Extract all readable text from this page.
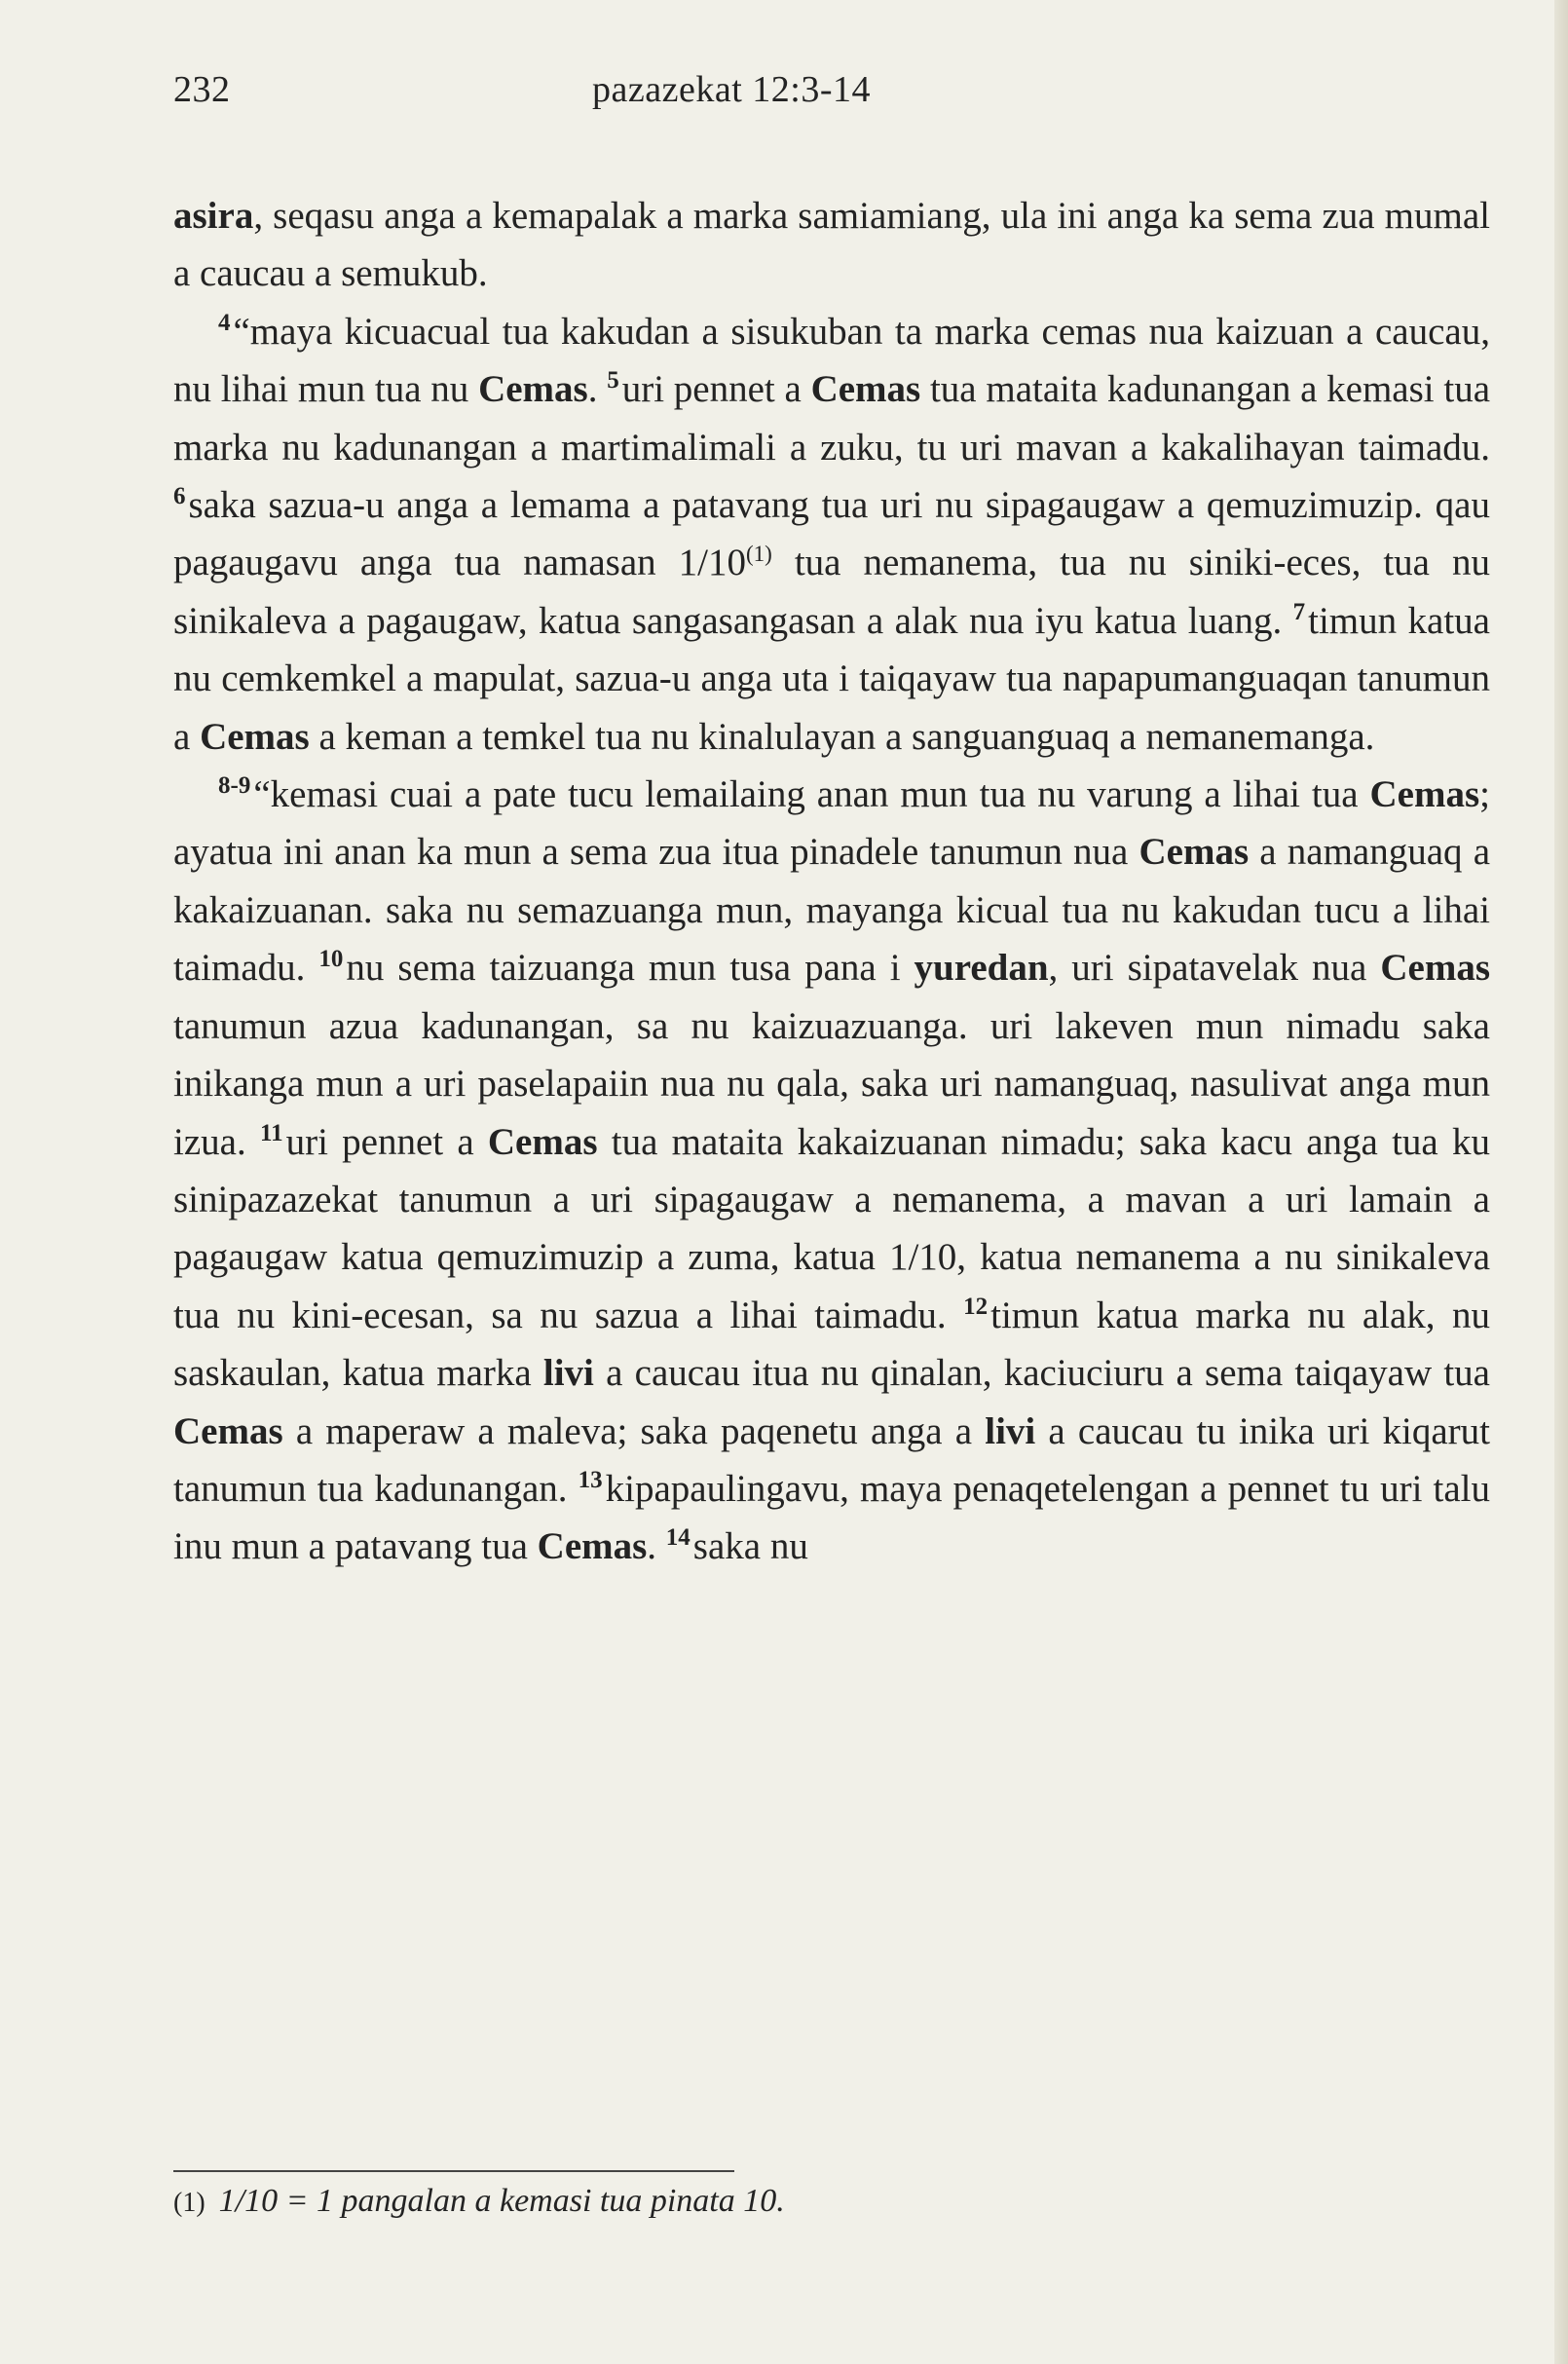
232	pazazekat 12:3-14

asira, seqasu anga a kemapalak a marka samiamiang, ula ini anga ka sema zua mumal a caucau a semukub.

$^4$“maya kicuacual tua kakudan a sisukuban ta marka cemas nua kaizuan a caucau, nu lihai mun tua nu Cemas. $^5$uri pennet a Cemas tua mataita kadunangan a kemasi tua marka nu kadunangan a martimalimali a zuku, tu uri mavan a kakalihayan taimadu. $^6$saka sazua-u anga a lemama a patavang tua uri nu sipagaugaw a qemuzimuzip. qau pagaugavu anga tua namasan 1/10$^{(1)}$ tua nemanema, tua nu siniki-eces, tua nu sinikaleva a pagaugaw, katua sangasangasan a alak nua iyu katua luang. $^7$timun katua nu cemkemkel a mapulat, sazua-u anga uta i taiqayaw tua napapumanguaqan tanumun a Cemas a keman a temkel tua nu kinalulayan a sanguanguaq a nemanemanga.

$^{8-9}$“kemasi cuai a pate tucu lemailaing anan mun tua nu varung a lihai tua Cemas; ayatua ini anan ka mun a sema zua itua pinadele tanumun nua Cemas a namanguaq a kakaizuanan. saka nu semazuanga mun, mayanga kicual tua nu kakudan tucu a lihai taimadu. $^{10}$nu sema taizuanga mun tusa pana i yuredan, uri sipatavelak nua Cemas tanumun azua kadunangan, sa nu kaizuazuanga. uri lakeven mun nimadu saka inikanga mun a uri paselapaiin nua nu qala, saka uri namanguaq, nasulivat anga mun izua. $^{11}$uri pennet a Cemas tua mataita kakaizuanan nimadu; saka kacu anga tua ku sinipazazekat tanumun a uri sipagaugaw a nemanema, a mavan a uri lamain a pagaugaw katua qemuzimuzip a zuma, katua 1/10, katua nemanema a nu sinikaleva tua nu kini-ecesan, sa nu sazua a lihai taimadu. $^{12}$timun katua marka nu alak, nu saskaulan, katua marka livi a caucau itua nu qinalan, kaciuciuru a sema taiqayaw tua Cemas a maperaw a maleva; saka paqenetu anga a livi a caucau tu inika uri kiqarut tanumun tua kadunangan. $^{13}$kipapaulingavu, maya penaqetelengan a pennet tu uri talu inu mun a patavang tua Cemas. $^{14}$saka nu

(1) 1/10 = 1 pangalan a kemasi tua pinata 10.
